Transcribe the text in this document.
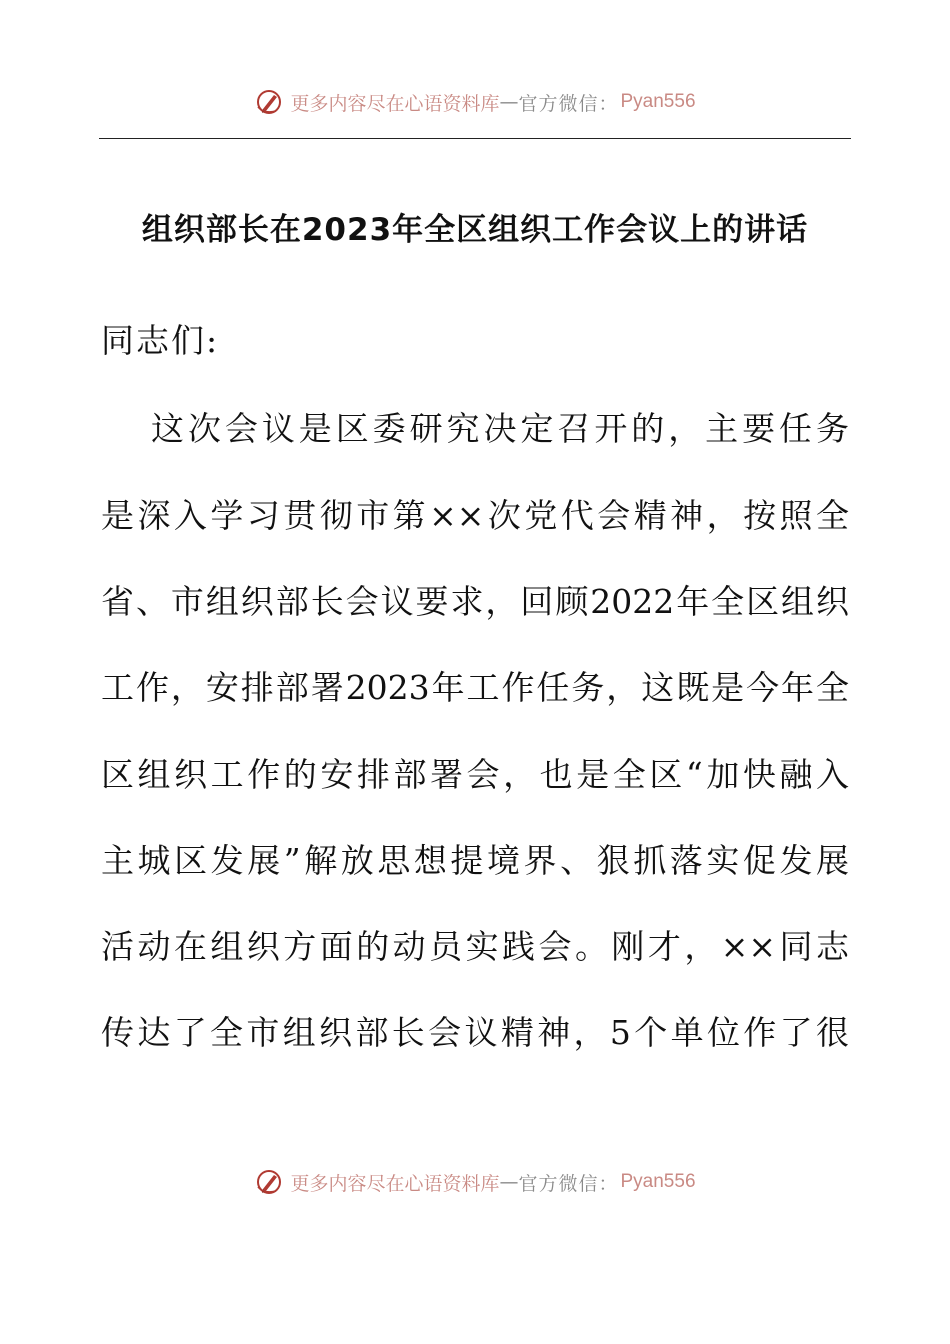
更多内容尽在心语资料库 — 官方微信： Pyan556
组织部长在2023年全区组织工作会议上的讲话
同志们:
这次会议是区委研究决定召开的，主要任务
是深入学习贯彻市第××次党代会精神，按照全
省、市组织部长会议要求，回顾2022年全区组织
工作，安排部署2023年工作任务，这既是今年全
区组织工作的安排部署会，也是全区“加快融入
主城区发展”解放思想提境界、狠抓落实促发展
活动在组织方面的动员实践会。刚才，××同志
传达了全市组织部长会议精神，5个单位作了很
更多内容尽在心语资料库 — 官方微信： Pyan556
